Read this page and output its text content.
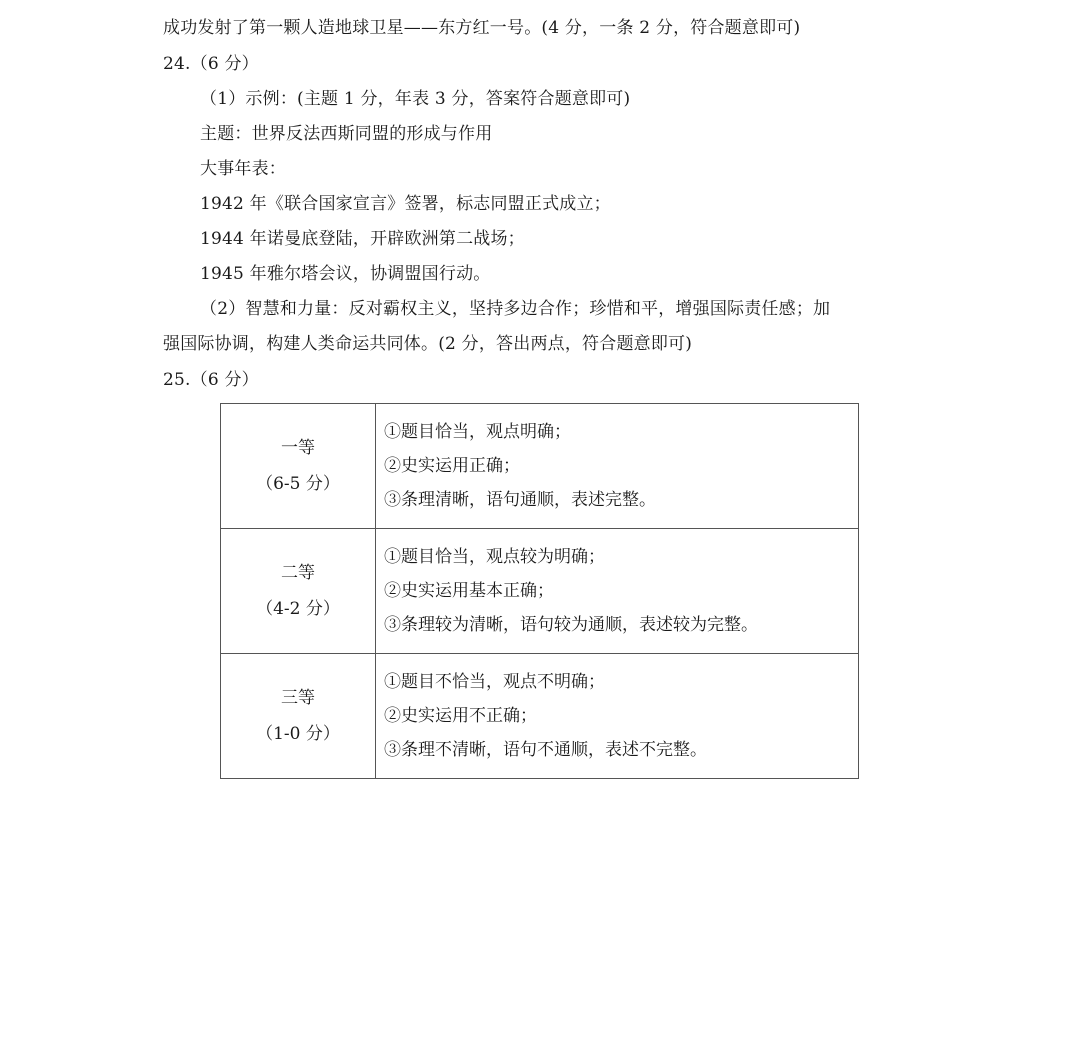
成功发射了第一颗人造地球卫星——东方红一号。(4 分，一条 2 分，符合题意即可)
24.（6 分）
（1）示例：(主题 1 分，年表 3 分，答案符合题意即可)
主题：世界反法西斯同盟的形成与作用
大事年表：
1942 年《联合国家宣言》签署，标志同盟正式成立；
1944 年诺曼底登陆，开辟欧洲第二战场；
1945 年雅尔塔会议，协调盟国行动。
（2）智慧和力量：反对霸权主义，坚持多边合作；珍惜和平，增强国际责任感；加
强国际协调，构建人类命运共同体。(2 分，答出两点，符合题意即可)
25.（6 分）
一等
（6-5 分）	①题目恰当，观点明确；
②史实运用正确；
③条理清晰，语句通顺，表述完整。

二等
（4-2 分）	①题目恰当，观点较为明确；
②史实运用基本正确；
③条理较为清晰，语句较为通顺，表述较为完整。

三等
（1-0 分）	①题目不恰当，观点不明确；
②史实运用不正确；
③条理不清晰，语句不通顺，表述不完整。
